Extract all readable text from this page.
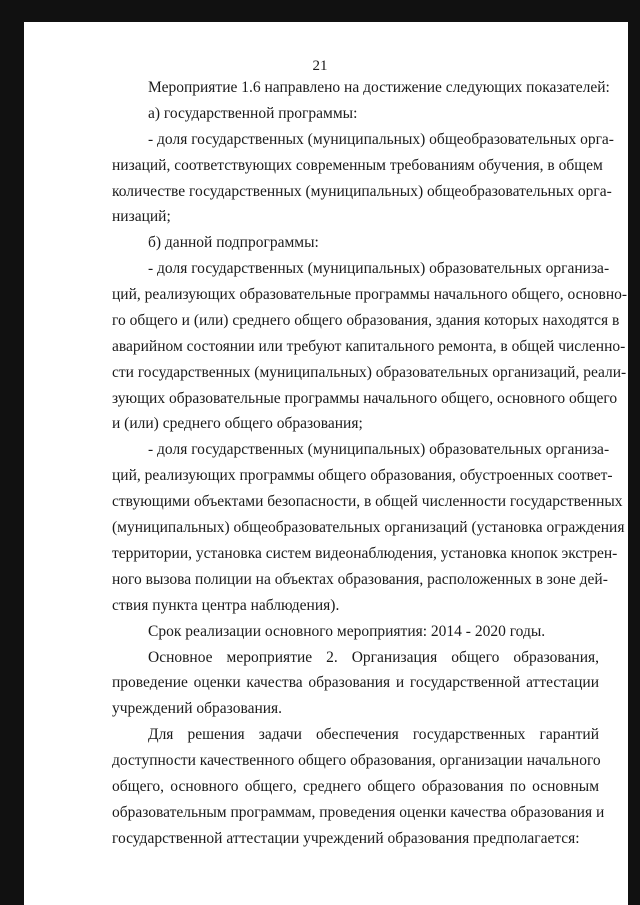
21
Мероприятие 1.6 направлено на достижение следующих показателей:
а) государственной программы:
- доля государственных (муниципальных) общеобразовательных орга-
низаций, соответствующих современным требованиям обучения, в общем
количестве государственных (муниципальных) общеобразовательных орга-
низаций;
б) данной подпрограммы:
- доля государственных (муниципальных) образовательных организа-
ций, реализующих образовательные программы начального общего, основно-
го общего и (или) среднего общего образования, здания которых находятся в
аварийном состоянии или требуют капитального ремонта, в общей численно-
сти государственных (муниципальных) образовательных организаций, реали-
зующих образовательные программы начального общего, основного общего
и (или) среднего общего образования;
- доля государственных (муниципальных) образовательных организа-
ций, реализующих программы общего образования, обустроенных соответ-
ствующими объектами безопасности, в общей численности государственных
(муниципальных) общеобразовательных организаций (установка ограждения
территории, установка систем видеонаблюдения, установка кнопок экстрен-
ного вызова полиции на объектах образования, расположенных в зоне дей-
ствия пункта центра наблюдения).
Срок реализации основного мероприятия: 2014 - 2020 годы.
Основное мероприятие 2. Организация общего образования,
проведение оценки качества образования и государственной аттестации
учреждений образования.
Для решения задачи обеспечения государственных гарантий
доступности качественного общего образования, организации начального
общего, основного общего, среднего общего образования по основным
образовательным программам, проведения оценки качества образования и
государственной аттестации учреждений образования предполагается:
